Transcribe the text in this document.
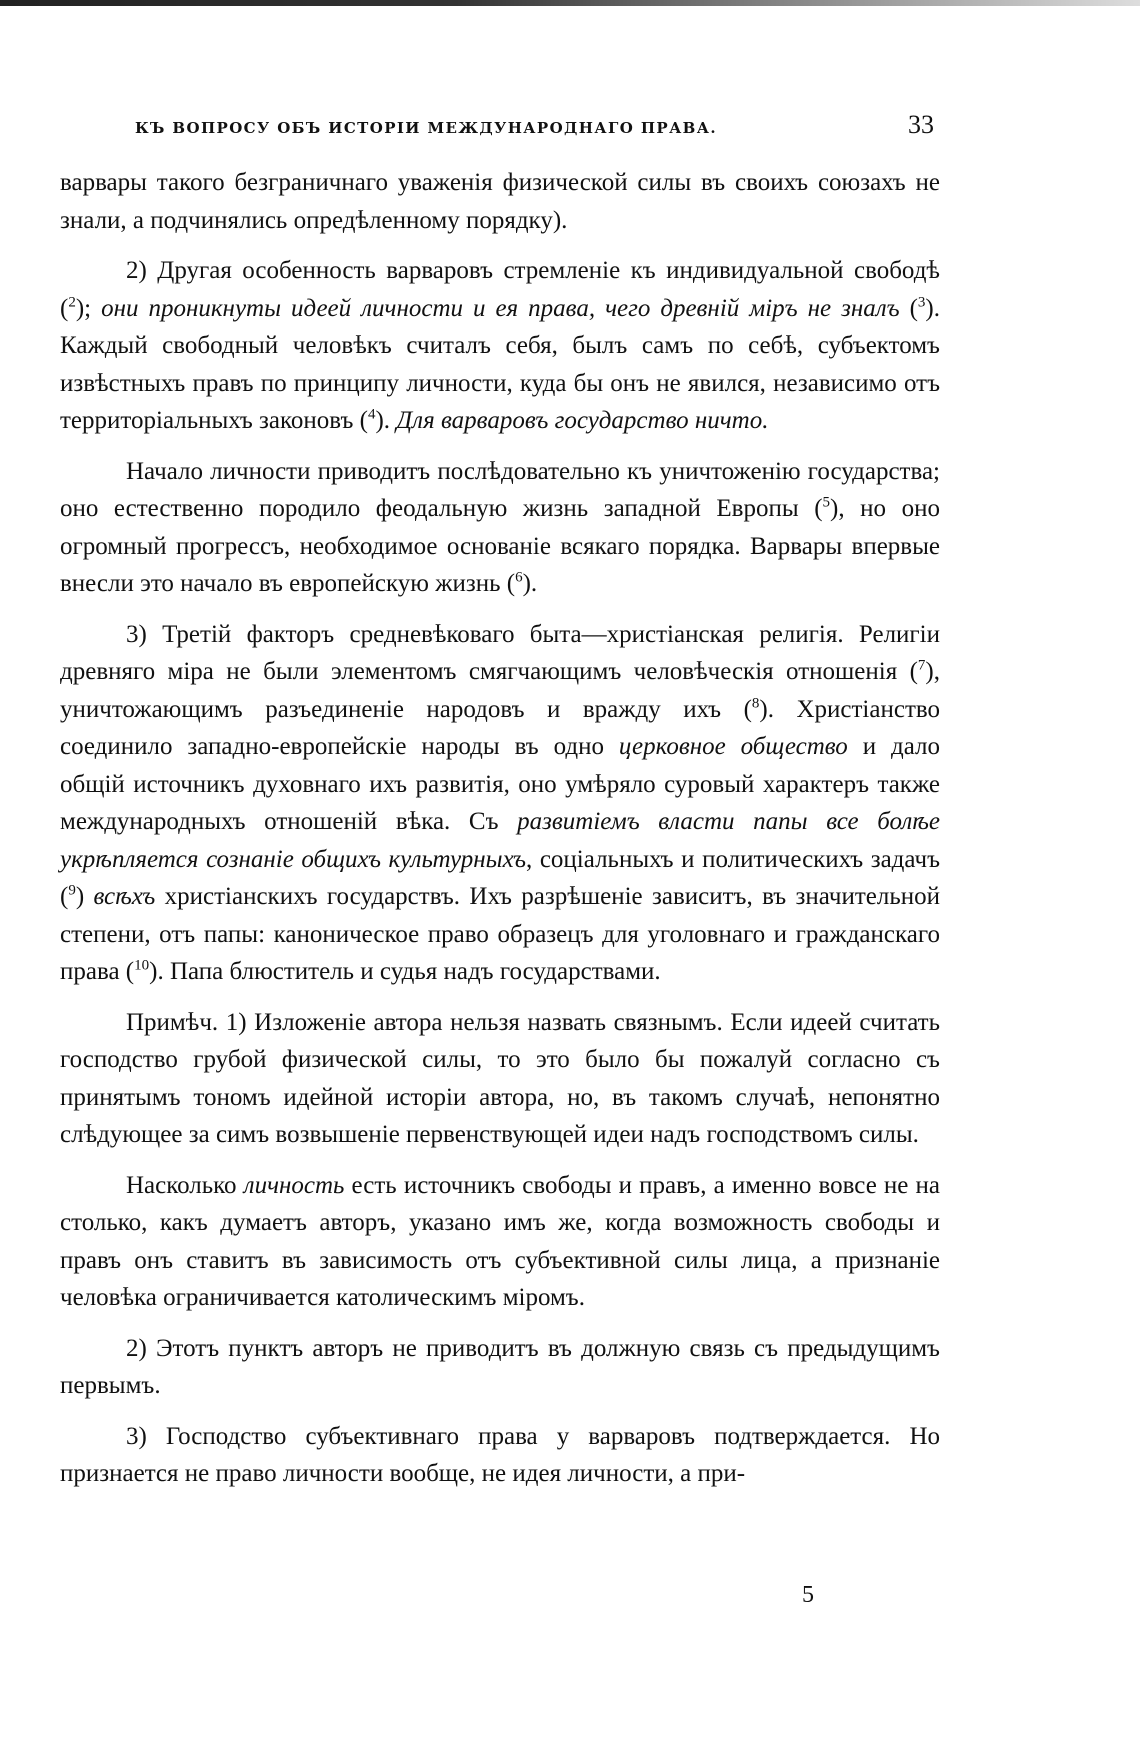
КЪ ВОПРОСУ ОБЪ ИСТОРІИ МЕЖДУНАРОДНАГО ПРАВА.	33

варвары такого безграничнаго уваженія физической силы въ своихъ союзахъ не знали, а подчинялись опредѣленному порядку).

2) Другая особенность варваровъ стремленіе къ индивидуальной свободѣ ($^2$); они проникнуты идеей личности и ея права, чего древній міръ не зналъ ($^3$). Каждый свободный человѣкъ считалъ себя, былъ самъ по себѣ, субъектомъ извѣстныхъ правъ по принципу личности, куда бы онъ не явился, независимо отъ территоріальныхъ законовъ ($^4$). Для варваровъ государство ничто.

Начало личности приводитъ послѣдовательно къ уничтоженію государства; оно естественно породило феодальную жизнь западной Европы ($^5$), но оно огромный прогрессъ, необходимое основаніе всякаго порядка. Варвары впервые внесли это начало въ европейскую жизнь ($^6$).

3) Третій факторъ средневѣковаго быта—христіанская религія. Религіи древняго міра не были элементомъ смягчающимъ человѣческія отношенія ($^7$), уничтожающимъ разъединеніе народовъ и вражду ихъ ($^8$). Христіанство соединило западно-европейскіе народы въ одно церковное общество и дало общій источникъ духовнаго ихъ развитія, оно умѣряло суровый характеръ также международныхъ отношеній вѣка. Съ развитіемъ власти папы все болѣе укрѣпляется сознаніе общихъ культурныхъ, соціальныхъ и политическихъ задачъ ($^9$) всѣхъ христіанскихъ государствъ. Ихъ разрѣшеніе зависитъ, въ значительной степени, отъ папы: каноническое право образецъ для уголовнаго и гражданскаго права ($^{10}$). Папа блюститель и судья надъ государствами.

Примѣч. 1) Изложеніе автора нельзя назвать связнымъ. Если идеей считать господство грубой физической силы, то это было бы пожалуй согласно съ принятымъ тономъ идейной исторіи автора, но, въ такомъ случаѣ, непонятно слѣдующее за симъ возвышеніе первенствующей идеи надъ господствомъ силы.

Насколько личность есть источникъ свободы и правъ, а именно вовсе не на столько, какъ думаетъ авторъ, указано имъ же, когда возможность свободы и правъ онъ ставитъ въ зависимость отъ субъективной силы лица, а признаніе человѣка ограничивается католическимъ міромъ.

2) Этотъ пунктъ авторъ не приводитъ въ должную связь съ предыдущимъ первымъ.

3) Господство субъективнаго права у варваровъ подтверждается. Но признается не право личности вообще, не идея личности, а при-

5
